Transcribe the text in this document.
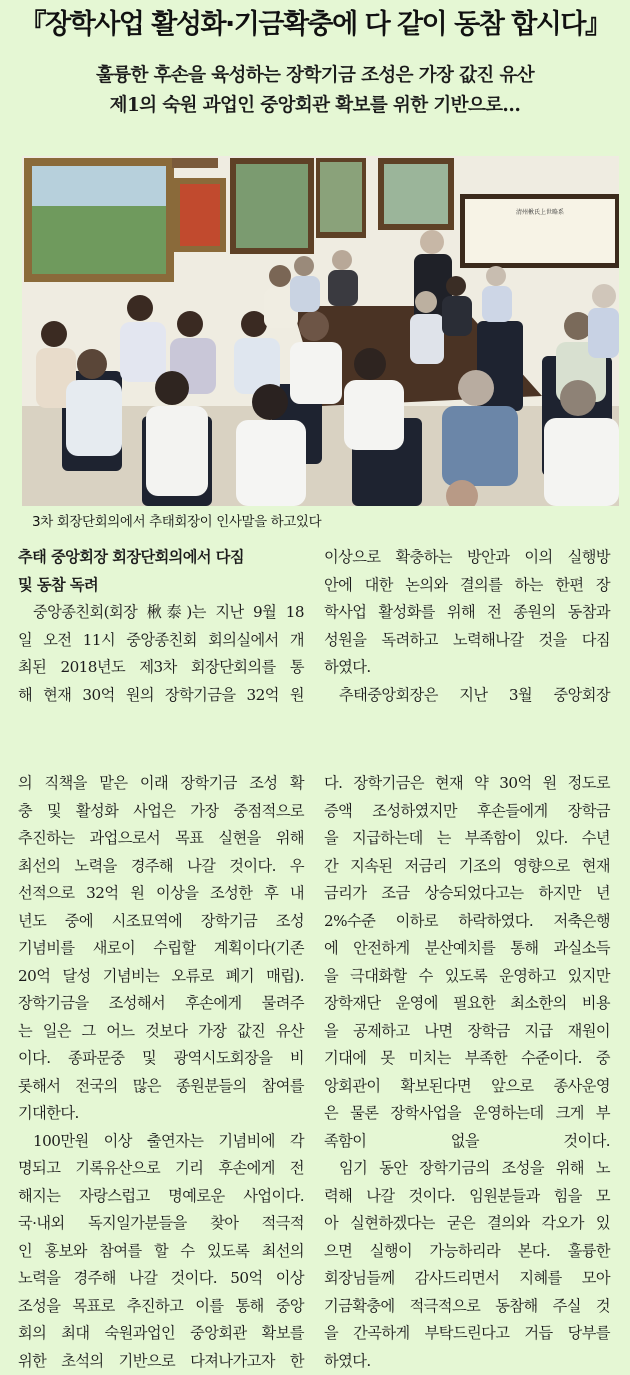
『장학사업 활성화·기금확충에 다 같이 동참 합시다』
훌륭한 후손을 육성하는 장학기금 조성은 가장 값진 유산
제1의 숙원 과업인 중앙회관 확보를 위한 기반으로…
清州楸氏上世略系
3차 회장단회의에서 추태회장이 인사말을 하고있다
추태 중앙회장 회장단회의에서 다짐
및 동참 독려
중앙종친회(회장 楸泰)는 지난 9월 18
일 오전 11시 중앙종친회 회의실에서 개
최된 2018년도 제3차 회장단회의를 통
해 현재 30억 원의 장학기금을 32억 원
이상으로 확충하는 방안과 이의 실행방
안에 대한 논의와 결의를 하는 한편 장
학사업 활성화를 위해 전 종원의 동참과
성원을 독려하고 노력해나갈 것을 다짐
하였다.
추태중앙회장은 지난 3월 중앙회장
의 직책을 맡은 이래 장학기금 조성 확
충 및 활성화 사업은 가장 중점적으로
추진하는 과업으로서 목표 실현을 위해
최선의 노력을 경주해 나갈 것이다. 우
선적으로 32억 원 이상을 조성한 후 내
년도 중에 시조묘역에 장학기금 조성
기념비를 새로이 수립할 계획이다(기존
20억 달성 기념비는 오류로 폐기 매립).
장학기금을 조성해서 후손에게 물려주
는 일은 그 어느 것보다 가장 값진 유산
이다. 종파문중 및 광역시도회장을 비
롯해서 전국의 많은 종원분들의 참여를
기대한다.
100만원 이상 출연자는 기념비에 각
명되고 기록유산으로 기리 후손에게 전
해지는 자랑스럽고 명예로운 사업이다.
국·내외 독지일가분들을 찾아 적극적
인 홍보와 참여를 할 수 있도록 최선의
노력을 경주해 나갈 것이다. 50억 이상
조성을 목표로 추진하고 이를 통해 중앙
회의 최대 숙원과업인 중앙회관 확보를
위한 초석의 기반으로 다져나가고자 한
다. 장학기금은 현재 약 30억 원 정도로
증액 조성하였지만 후손들에게 장학금
을 지급하는데 는 부족함이 있다. 수년
간 지속된 저금리 기조의 영향으로 현재
금리가 조금 상승되었다고는 하지만 년
2%수준 이하로 하락하였다. 저축은행
에 안전하게 분산예치를 통해 과실소득
을 극대화할 수 있도록 운영하고 있지만
장학재단 운영에 필요한 최소한의 비용
을 공제하고 나면 장학금 지급 재원이
기대에 못 미치는 부족한 수준이다. 중
앙회관이 확보된다면 앞으로 종사운영
은 물론 장학사업을 운영하는데 크게 부
족함이 없을 것이다.
임기 동안 장학기금의 조성을 위해 노
력해 나갈 것이다. 임원분들과 힘을 모
아 실현하겠다는 굳은 결의와 각오가 있
으면 실행이 가능하리라 본다. 훌륭한
회장님들께 감사드리면서 지혜를 모아
기금확충에 적극적으로 동참해 주실 것
을 간곡하게 부탁드린다고 거듭 당부를
하였다.
